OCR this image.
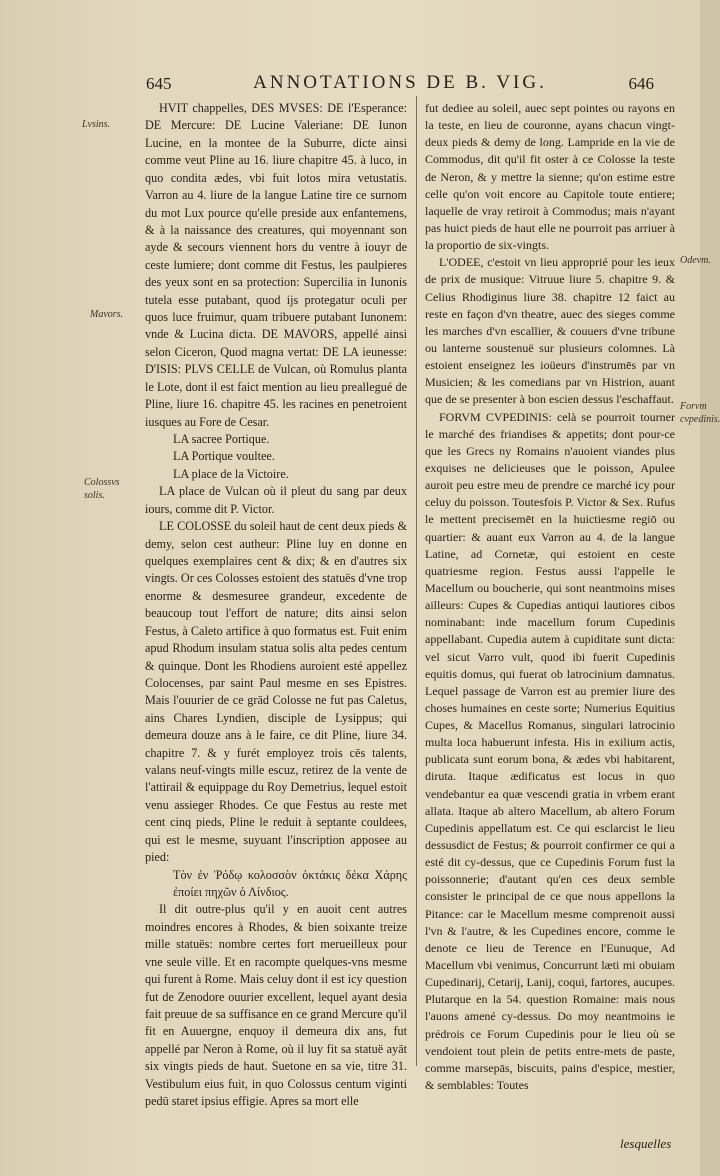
645	ANNOTATIONS DE B. VIG.	646
Lvsins.
Mavors.
Colossvs solis.
Odevm.
Forvm cvpedinis.

HVIT chappelles, DES MVSES: DE l'Esperance: DE Mercure: DE Lucine Valeriane: DE Iunon Lucine, en la montee de la Suburre, dicte ainsi comme veut Pline au 16. liure chapitre 45. à luco, in quo condita ædes, vbi fuit lotos mira vetustatis. Varron au 4. liure de la langue Latine tire ce surnom du mot Lux pource qu'elle preside aux enfantemens, & à la naissance des creatures, qui moyennant son ayde & secours viennent hors du ventre à iouyr de ceste lumiere; dont comme dit Festus, les paulpieres des yeux sont en sa protection: Supercilia in Iunonis tutela esse putabant, quod ijs protegatur oculi per quos luce fruimur, quam tribuere putabant Iunonem: vnde & Lucina dicta. DE MAVORS, appellé ainsi selon Ciceron, Quod magna vertat: DE LA ieunesse: D'ISIS: PLVS CELLE de Vulcan, où Romulus planta le Lote, dont il est faict mention au lieu preallegué de Pline, liure 16. chapitre 45. les racines en penetroient iusques au Fore de Cesar.

LA sacree Portique.

LA Portique voultee.

LA place de la Victoire.

LA place de Vulcan où il pleut du sang par deux iours, comme dit P. Victor.

LE COLOSSE du soleil haut de cent deux pieds & demy, selon cest autheur: Pline luy en donne en quelques exemplaires cent & dix; & en d'autres six vingts. Or ces Colosses estoient des statuës d'vne trop enorme & desmesuree grandeur, excedente de beaucoup tout l'effort de nature; dits ainsi selon Festus, à Caleto artifice à quo formatus est. Fuit enim apud Rhodum insulam statua solis alta pedes centum & quinque. Dont les Rhodiens auroient esté appellez Colocenses, par saint Paul mesme en ses Epistres. Mais l'ouurier de ce grād Colosse ne fut pas Caletus, ains Chares Lyndien, disciple de Lysippus; qui demeura douze ans à le faire, ce dit Pline, liure 34. chapitre 7. & y furét employez trois cēs talents, valans neuf-vingts mille escuz, retirez de la vente de l'attirail & equippage du Roy Demetrius, lequel estoit venu assieger Rhodes. Ce que Festus au reste met cent cinq pieds, Pline le reduit à septante couldees, qui est le mesme, suyuant l'inscription apposee au pied:

Τὸν ἐν Ῥόδῳ κολοσσὸν ὀκτάκις δέκα Χάρης ἐποίει πηχῶν ὁ Λίνδιος.

Il dit outre-plus qu'il y en auoit cent autres moindres encores à Rhodes, & bien soixante treize mille statuës: nombre certes fort merueilleux pour vne seule ville. Et en racompte quelques-vns mesme qui furent à Rome. Mais celuy dont il est icy question fut de Zenodore ouurier excellent, lequel ayant desia fait preuue de sa suffisance en ce grand Mercure qu'il fit en Auuergne, enquoy il demeura dix ans, fut appellé par Neron à Rome, où il luy fit sa statuë ayāt six vingts pieds de haut. Suetone en sa vie, titre 31. Vestibulum eius fuit, in quo Colossus centum viginti pedū staret ipsius effigie. Apres sa mort elle

fut dediee au soleil, auec sept pointes ou rayons en la teste, en lieu de couronne, ayans chacun vingt-deux pieds & demy de long. Lampride en la vie de Commodus, dit qu'il fit oster à ce Colosse la teste de Neron, & y mettre la sienne; qu'on estime estre celle qu'on voit encore au Capitole toute entiere; laquelle de vray retiroit à Commodus; mais n'ayant pas huict pieds de haut elle ne pourroit pas arriuer à la proportio de six-vingts.

L'ODEE, c'estoit vn lieu approprié pour les ieux de prix de musique: Vitruue liure 5. chapitre 9. & Celius Rhodiginus liure 38. chapitre 12 faict au reste en façon d'vn theatre, auec des sieges comme les marches d'vn escallier, & couuers d'vne tribune ou lanterne soustenuë sur plusieurs colomnes. Là estoient enseignez les ioüeurs d'instrumēs par vn Musicien; & les comedians par vn Histrion, auant que de se presenter à bon escien dessus l'eschaffaut.

FORVM CVPEDINIS: celà se pourroit tourner le marché des friandises & appetits; dont pour-ce que les Grecs ny Romains n'auoient viandes plus exquises ne delicieuses que le poisson, Apulee auroit peu estre meu de prendre ce marché icy pour celuy du poisson. Toutesfois P. Victor & Sex. Rufus le mettent precisemēt en la huictiesme regiō ou quartier: & auant eux Varron au 4. de la langue Latine, ad Cornetæ, qui estoient en ceste quatriesme region. Festus aussi l'appelle le Macellum ou boucherie, qui sont neantmoins mises ailleurs: Cupes & Cupedias antiqui lautiores cibos nominabant: inde macellum forum Cupedinis appellabant. Cupedia autem à cupiditate sunt dicta: vel sicut Varro vult, quod ibi fuerit Cupedinis equitis domus, qui fuerat ob latrocinium damnatus. Lequel passage de Varron est au premier liure des choses humaines en ceste sorte; Numerius Equitius Cupes, & Macellus Romanus, singulari latrocinio multa loca habuerunt infesta. His in exilium actis, publicata sunt eorum bona, & ædes vbi habitarent, diruta. Itaque ædificatus est locus in quo vendebantur ea quæ vescendi gratia in vrbem erant allata. Itaque ab altero Macellum, ab altero Forum Cupedinis appellatum est. Ce qui esclarcist le lieu dessusdict de Festus; & pourroit confirmer ce qui a esté dit cy-dessus, que ce Cupedinis Forum fust la poissonnerie; d'autant qu'en ces deux semble consister le principal de ce que nous appellons la Pitance: car le Macellum mesme comprenoit aussi l'vn & l'autre, & les Cupedines encore, comme le denote ce lieu de Terence en l'Eunuque, Ad Macellum vbi venimus, Concurrunt læti mi obuiam Cupedinarij, Cetarij, Lanij, coqui, fartores, aucupes. Plutarque en la 54. question Romaine: mais nous l'auons amené cy-dessus. Do moy neantmoins ie prédrois ce Forum Cupedinis pour le lieu où se vendoient tout plein de petits entre-mets de paste, comme marsepās, biscuits, pains d'espice, mestier, & semblables: Toutes

lesquelles
